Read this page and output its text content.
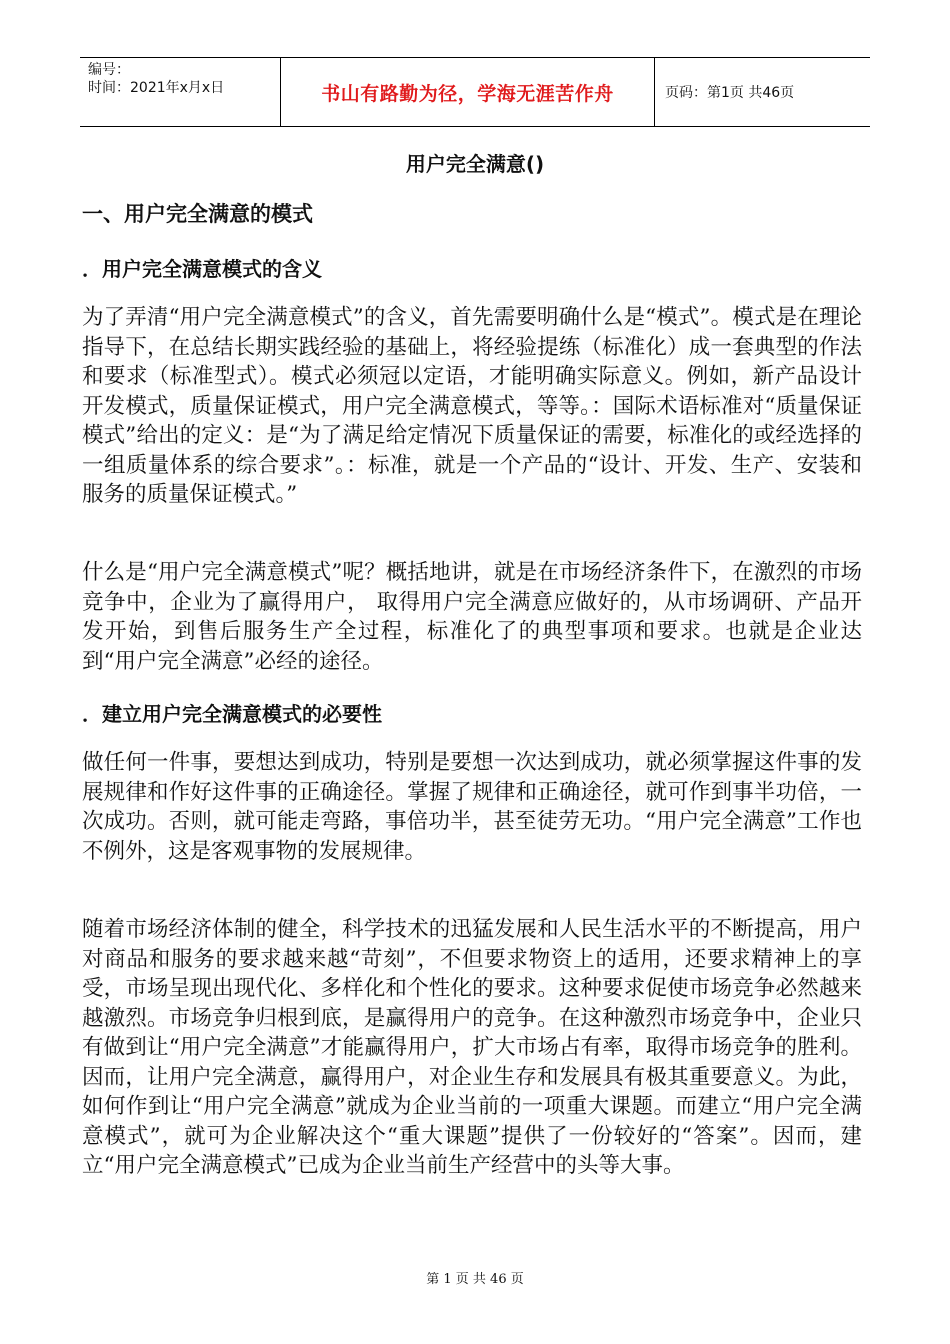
编号：
时间：2021年x月x日	书山有路勤为径，学海无涯苦作舟	页码：第1页 共46页
用户完全满意()
一、用户完全满意的模式
．用户完全满意模式的含义

为了弄清“用户完全满意模式”的含义，首先需要明确什么是“模式”。模式是在理论指导下，在总结长期实践经验的基础上，将经验提练（标准化）成一套典型的作法和要求（标准型式）。模式必须冠以定语，才能明确实际意义。例如，新产品设计开发模式，质量保证模式，用户完全满意模式，等等。：国际术语标准对“质量保证模式”给出的定义：是“为了满足给定情况下质量保证的需要，标准化的或经选择的一组质量体系的综合要求”。：标准，就是一个产品的“设计、开发、生产、安装和服务的质量保证模式。”

什么是“用户完全满意模式”呢？概括地讲，就是在市场经济条件下，在激烈的市场竞争中，企业为了赢得用户， 取得用户完全满意应做好的，从市场调研、产品开发开始，到售后服务生产全过程，标准化了的典型事项和要求。也就是企业达到“用户完全满意”必经的途径。

．建立用户完全满意模式的必要性

做任何一件事，要想达到成功，特别是要想一次达到成功，就必须掌握这件事的发展规律和作好这件事的正确途径。掌握了规律和正确途径，就可作到事半功倍，一次成功。否则，就可能走弯路，事倍功半，甚至徒劳无功。“用户完全满意”工作也不例外，这是客观事物的发展规律。

随着市场经济体制的健全，科学技术的迅猛发展和人民生活水平的不断提高，用户对商品和服务的要求越来越“苛刻”，不但要求物资上的适用，还要求精神上的享受，市场呈现出现代化、多样化和个性化的要求。这种要求促使市场竞争必然越来越激烈。市场竞争归根到底，是赢得用户的竞争。在这种激烈市场竞争中，企业只有做到让“用户完全满意”才能赢得用户，扩大市场占有率，取得市场竞争的胜利。因而，让用户完全满意，赢得用户，对企业生存和发展具有极其重要意义。为此，如何作到让“用户完全满意”就成为企业当前的一项重大课题。而建立“用户完全满意模式”，就可为企业解决这个“重大课题”提供了一份较好的“答案”。因而，建立“用户完全满意模式”已成为企业当前生产经营中的头等大事。

第 1 页 共 46 页
